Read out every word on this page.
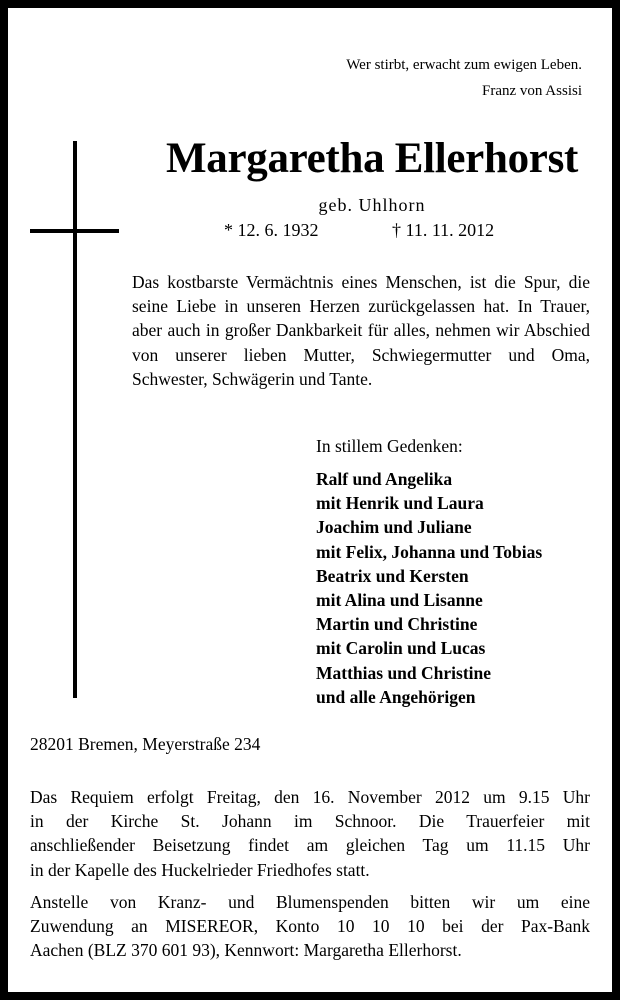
Wer stirbt, erwacht zum ewigen Leben.
Franz von Assisi
Margaretha Ellerhorst
geb. Uhlhorn
* 12. 6. 1932	† 11. 11. 2012
Das kostbarste Vermächtnis eines Menschen, ist die Spur, die seine Liebe in unseren Herzen zurückgelassen hat. In Trauer, aber auch in großer Dankbarkeit für alles, nehmen wir Abschied von unserer lieben Mutter, Schwiegermutter und Oma, Schwester, Schwägerin und Tante.
In stillem Gedenken:
Ralf und Angelika
mit Henrik und Laura
Joachim und Juliane
mit Felix, Johanna und Tobias
Beatrix und Kersten
mit Alina und Lisanne
Martin und Christine
mit Carolin und Lucas
Matthias und Christine
und alle Angehörigen
28201 Bremen, Meyerstraße 234
Das Requiem erfolgt Freitag, den 16. November 2012 um 9.15 Uhr
in der Kirche St. Johann im Schnoor. Die Trauerfeier mit
anschließender Beisetzung findet am gleichen Tag um 11.15 Uhr
in der Kapelle des Huckelrieder Friedhofes statt.
Anstelle von Kranz- und Blumenspenden bitten wir um eine
Zuwendung an MISEREOR, Konto 10 10 10 bei der Pax-Bank
Aachen (BLZ 370 601 93), Kennwort: Margaretha Ellerhorst.
